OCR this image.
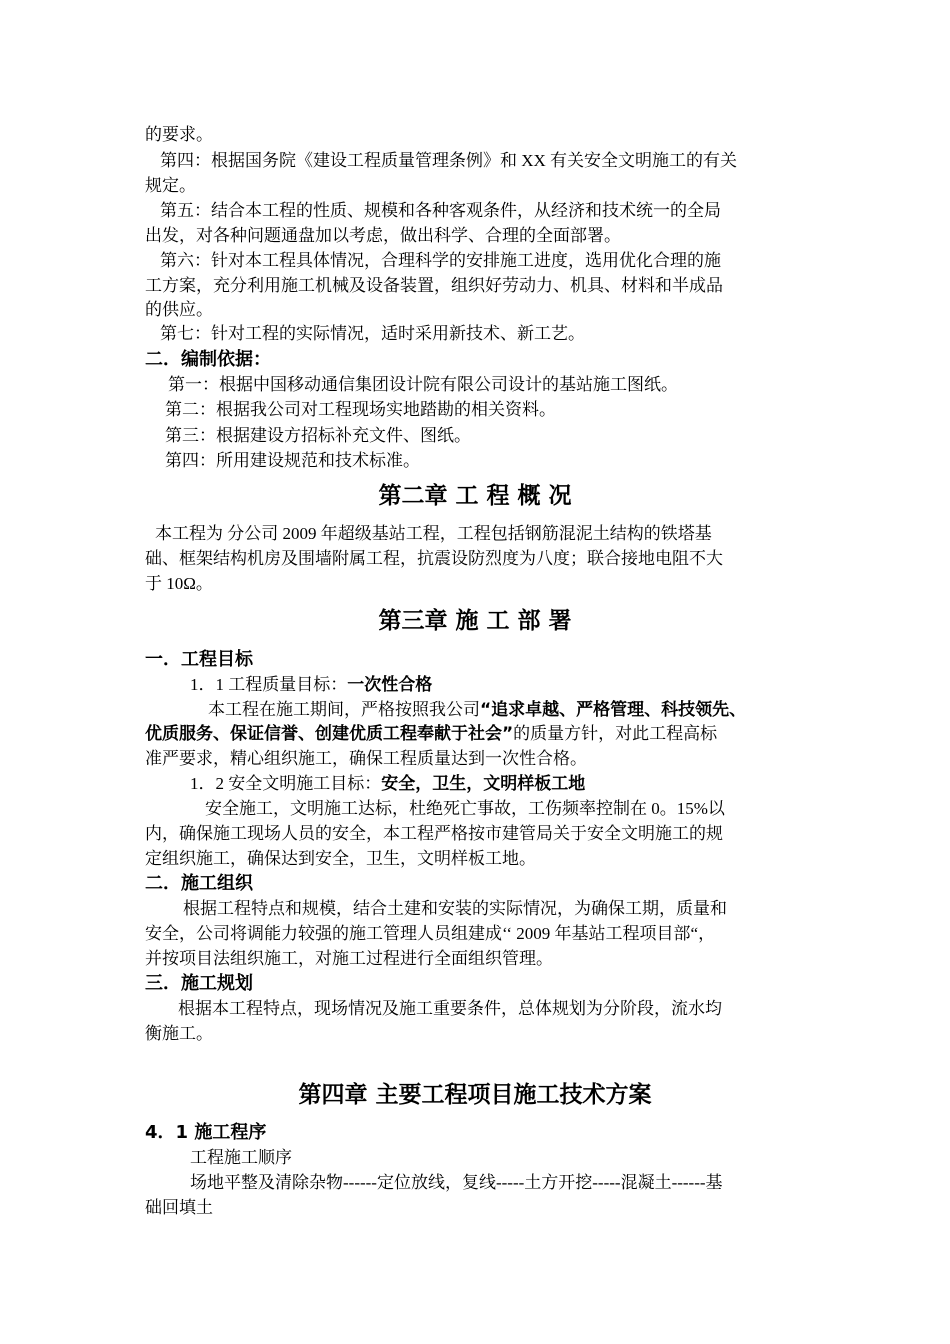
的要求。
第四：根据国务院《建设工程质量管理条例》和 XX 有关安全文明施工的有关
规定。
第五：结合本工程的性质、规模和各种客观条件，从经济和技术统一的全局
出发，对各种问题通盘加以考虑，做出科学、合理的全面部署。
第六：针对本工程具体情况，合理科学的安排施工进度，选用优化合理的施
工方案，充分利用施工机械及设备装置，组织好劳动力、机具、材料和半成品
的供应。
第七：针对工程的实际情况，适时采用新技术、新工艺。
二．编制依据：
第一：根据中国移动通信集团设计院有限公司设计的基站施工图纸。
第二：根据我公司对工程现场实地踏勘的相关资料。
第三：根据建设方招标补充文件、图纸。
第四：所用建设规范和技术标准。
第二章 工 程 概 况
本工程为 分公司 2009 年超级基站工程，工程包括钢筋混泥土结构的铁塔基
础、框架结构机房及围墙附属工程，抗震设防烈度为八度；联合接地电阻不大
于 10Ω。
第三章 施 工 部 署
一．工程目标
1．1 工程质量目标：一次性合格
本工程在施工期间，严格按照我公司“追求卓越、严格管理、科技领先、
优质服务、保证信誉、创建优质工程奉献于社会”的质量方针，对此工程高标
准严要求，精心组织施工，确保工程质量达到一次性合格。
1．2 安全文明施工目标：安全，卫生，文明样板工地
安全施工，文明施工达标，杜绝死亡事故，工伤频率控制在 0。15%以
内，确保施工现场人员的安全，本工程严格按市建管局关于安全文明施工的规
定组织施工，确保达到安全，卫生，文明样板工地。
二．施工组织
根据工程特点和规模，结合土建和安装的实际情况，为确保工期，质量和
安全，公司将调能力较强的施工管理人员组建成‘‘ 2009 年基站工程项目部“，
并按项目法组织施工，对施工过程进行全面组织管理。
三．施工规划
根据本工程特点，现场情况及施工重要条件，总体规划为分阶段，流水均
衡施工。
第四章 主要工程项目施工技术方案
4．1 施工程序
工程施工顺序
场地平整及清除杂物------定位放线，复线-----土方开挖-----混凝土------基
础回填土
